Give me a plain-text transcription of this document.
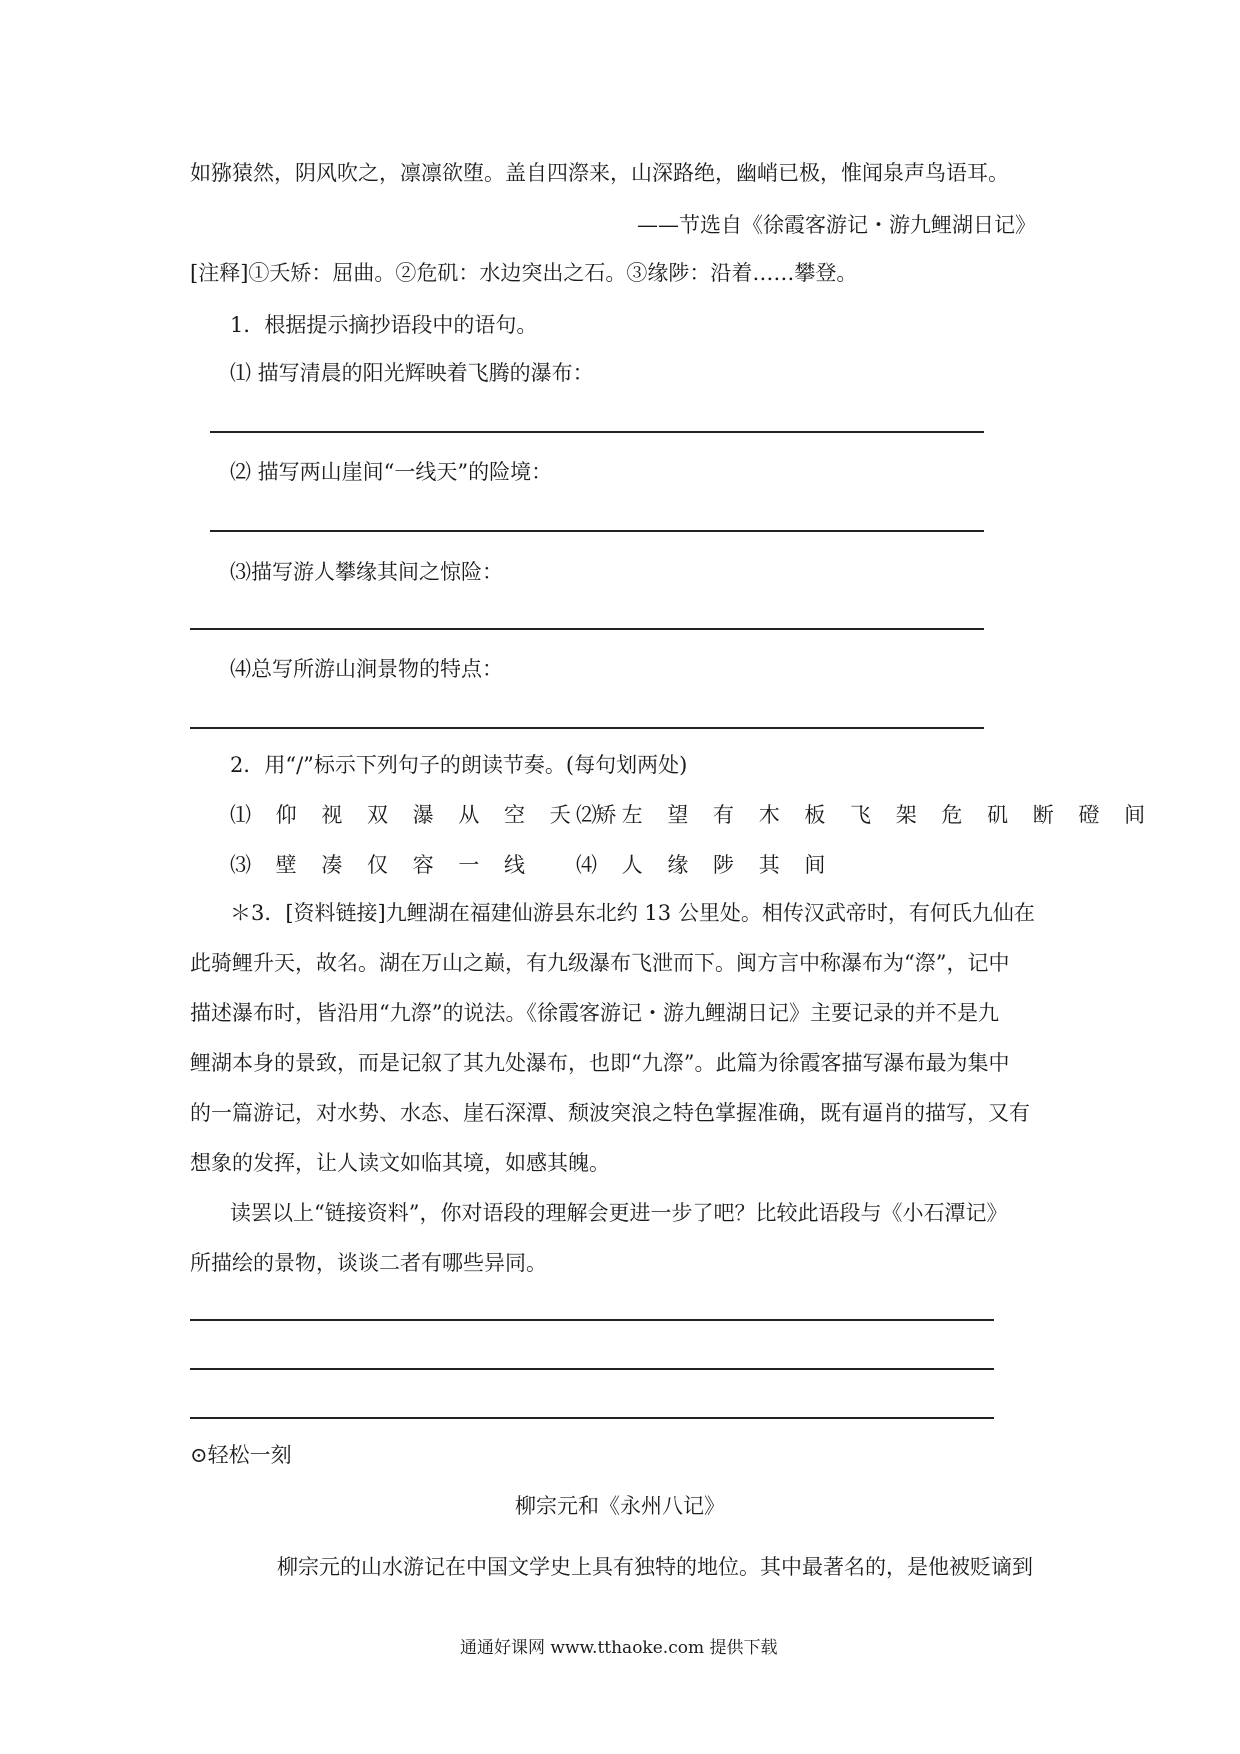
如猕猿然，阴风吹之，凛凛欲堕。盖自四漈来，山深路绝，幽峭已极，惟闻泉声鸟语耳。
——节选自《徐霞客游记・游九鲤湖日记》
[注释]①夭矫：屈曲。②危矶：水边突出之石。③缘陟：沿着……攀登。
1．根据提示摘抄语段中的语句。
⑴ 描写清晨的阳光辉映着飞腾的瀑布：
⑵ 描写两山崖间“一线天”的险境：
⑶描写游人攀缘其间之惊险：
⑷总写所游山涧景物的特点：
2．用“/”标示下列句子的朗读节奏。(每句划两处)
⑴ 仰 视 双 瀑 从 空 夭 矫
⑵ 左 望 有 木 板 飞 架 危 矶 断 磴 间
⑶ 壁 凑 仅 容 一 线 ⑷ 人 缘 陟 其 间
＊3．[资料链接]九鲤湖在福建仙游县东北约 13 公里处。相传汉武帝时，有何氏九仙在
此骑鲤升天，故名。湖在万山之巅，有九级瀑布飞泄而下。闽方言中称瀑布为“漈”，记中
描述瀑布时，皆沿用“九漈”的说法。《徐霞客游记・游九鲤湖日记》主要记录的并不是九
鲤湖本身的景致，而是记叙了其九处瀑布，也即“九漈”。此篇为徐霞客描写瀑布最为集中
的一篇游记，对水势、水态、崖石深潭、颓波突浪之特色掌握准确，既有逼肖的描写，又有
想象的发挥，让人读文如临其境，如感其魄。
读罢以上“链接资料”，你对语段的理解会更进一步了吧？比较此语段与《小石潭记》
所描绘的景物，谈谈二者有哪些异同。
⊙轻松一刻
柳宗元和《永州八记》
柳宗元的山水游记在中国文学史上具有独特的地位。其中最著名的，是他被贬谪到
通通好课网 www.tthaoke.com 提供下载
